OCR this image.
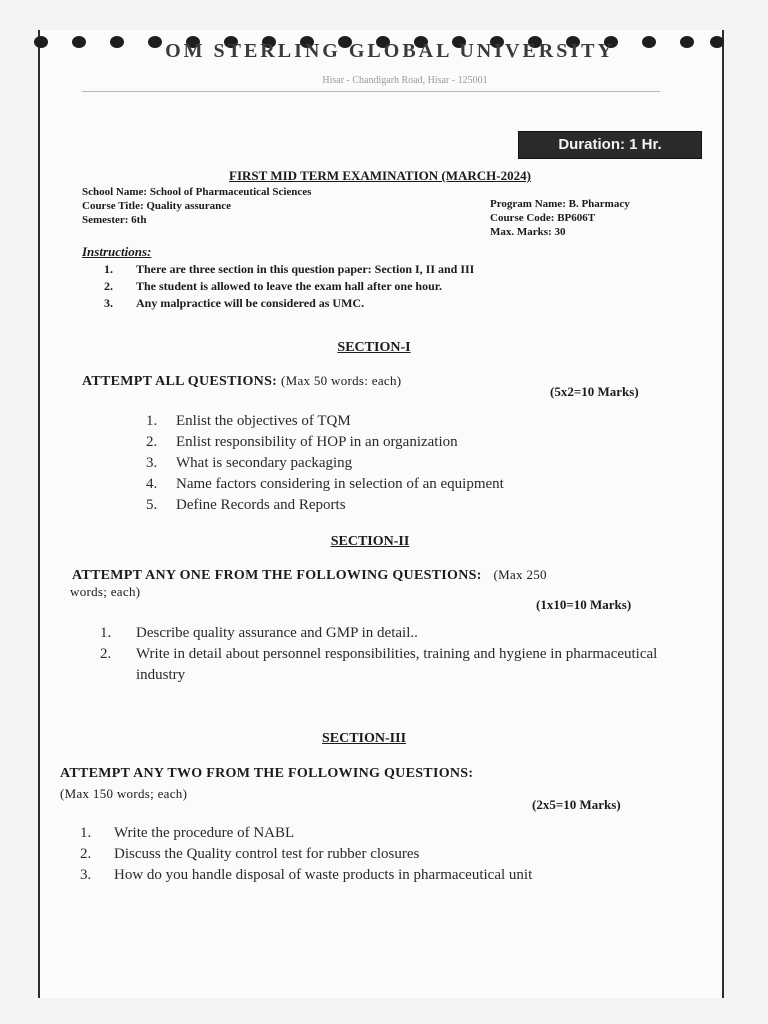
OM STERLING GLOBAL UNIVERSITY
Hisar - Chandigarh Road, Hisar - 125001
Duration: 1 Hr.
FIRST MID TERM EXAMINATION (MARCH-2024)
School Name: School of Pharmaceutical Sciences
Course Title: Quality assurance
Semester: 6th
Program Name: B. Pharmacy
Course Code: BP606T
Max. Marks: 30
Instructions:
1. There are three section in this question paper: Section I, II and III
2. The student is allowed to leave the exam hall after one hour.
3. Any malpractice will be considered as UMC.
SECTION-I
ATTEMPT ALL QUESTIONS: (Max 50 words: each)
(5x2=10 Marks)
1.	Enlist the objectives of TQM
2.	Enlist responsibility of HOP in an organization
3.	What is secondary packaging
4.	Name factors considering in selection of an equipment
5.	Define Records and Reports
SECTION-II
ATTEMPT ANY ONE FROM THE FOLLOWING QUESTIONS: (Max 250
words; each)
(1x10=10 Marks)
1.	Describe quality assurance and GMP in detail..
2.	Write in detail about personnel responsibilities, training and hygiene in pharmaceutical industry
SECTION-III
ATTEMPT ANY TWO FROM THE FOLLOWING QUESTIONS:
(Max 150 words; each)
(2x5=10 Marks)
1.	Write the procedure of NABL
2.	Discuss the Quality control test for rubber closures
3.	How do you handle disposal of waste products in pharmaceutical unit
